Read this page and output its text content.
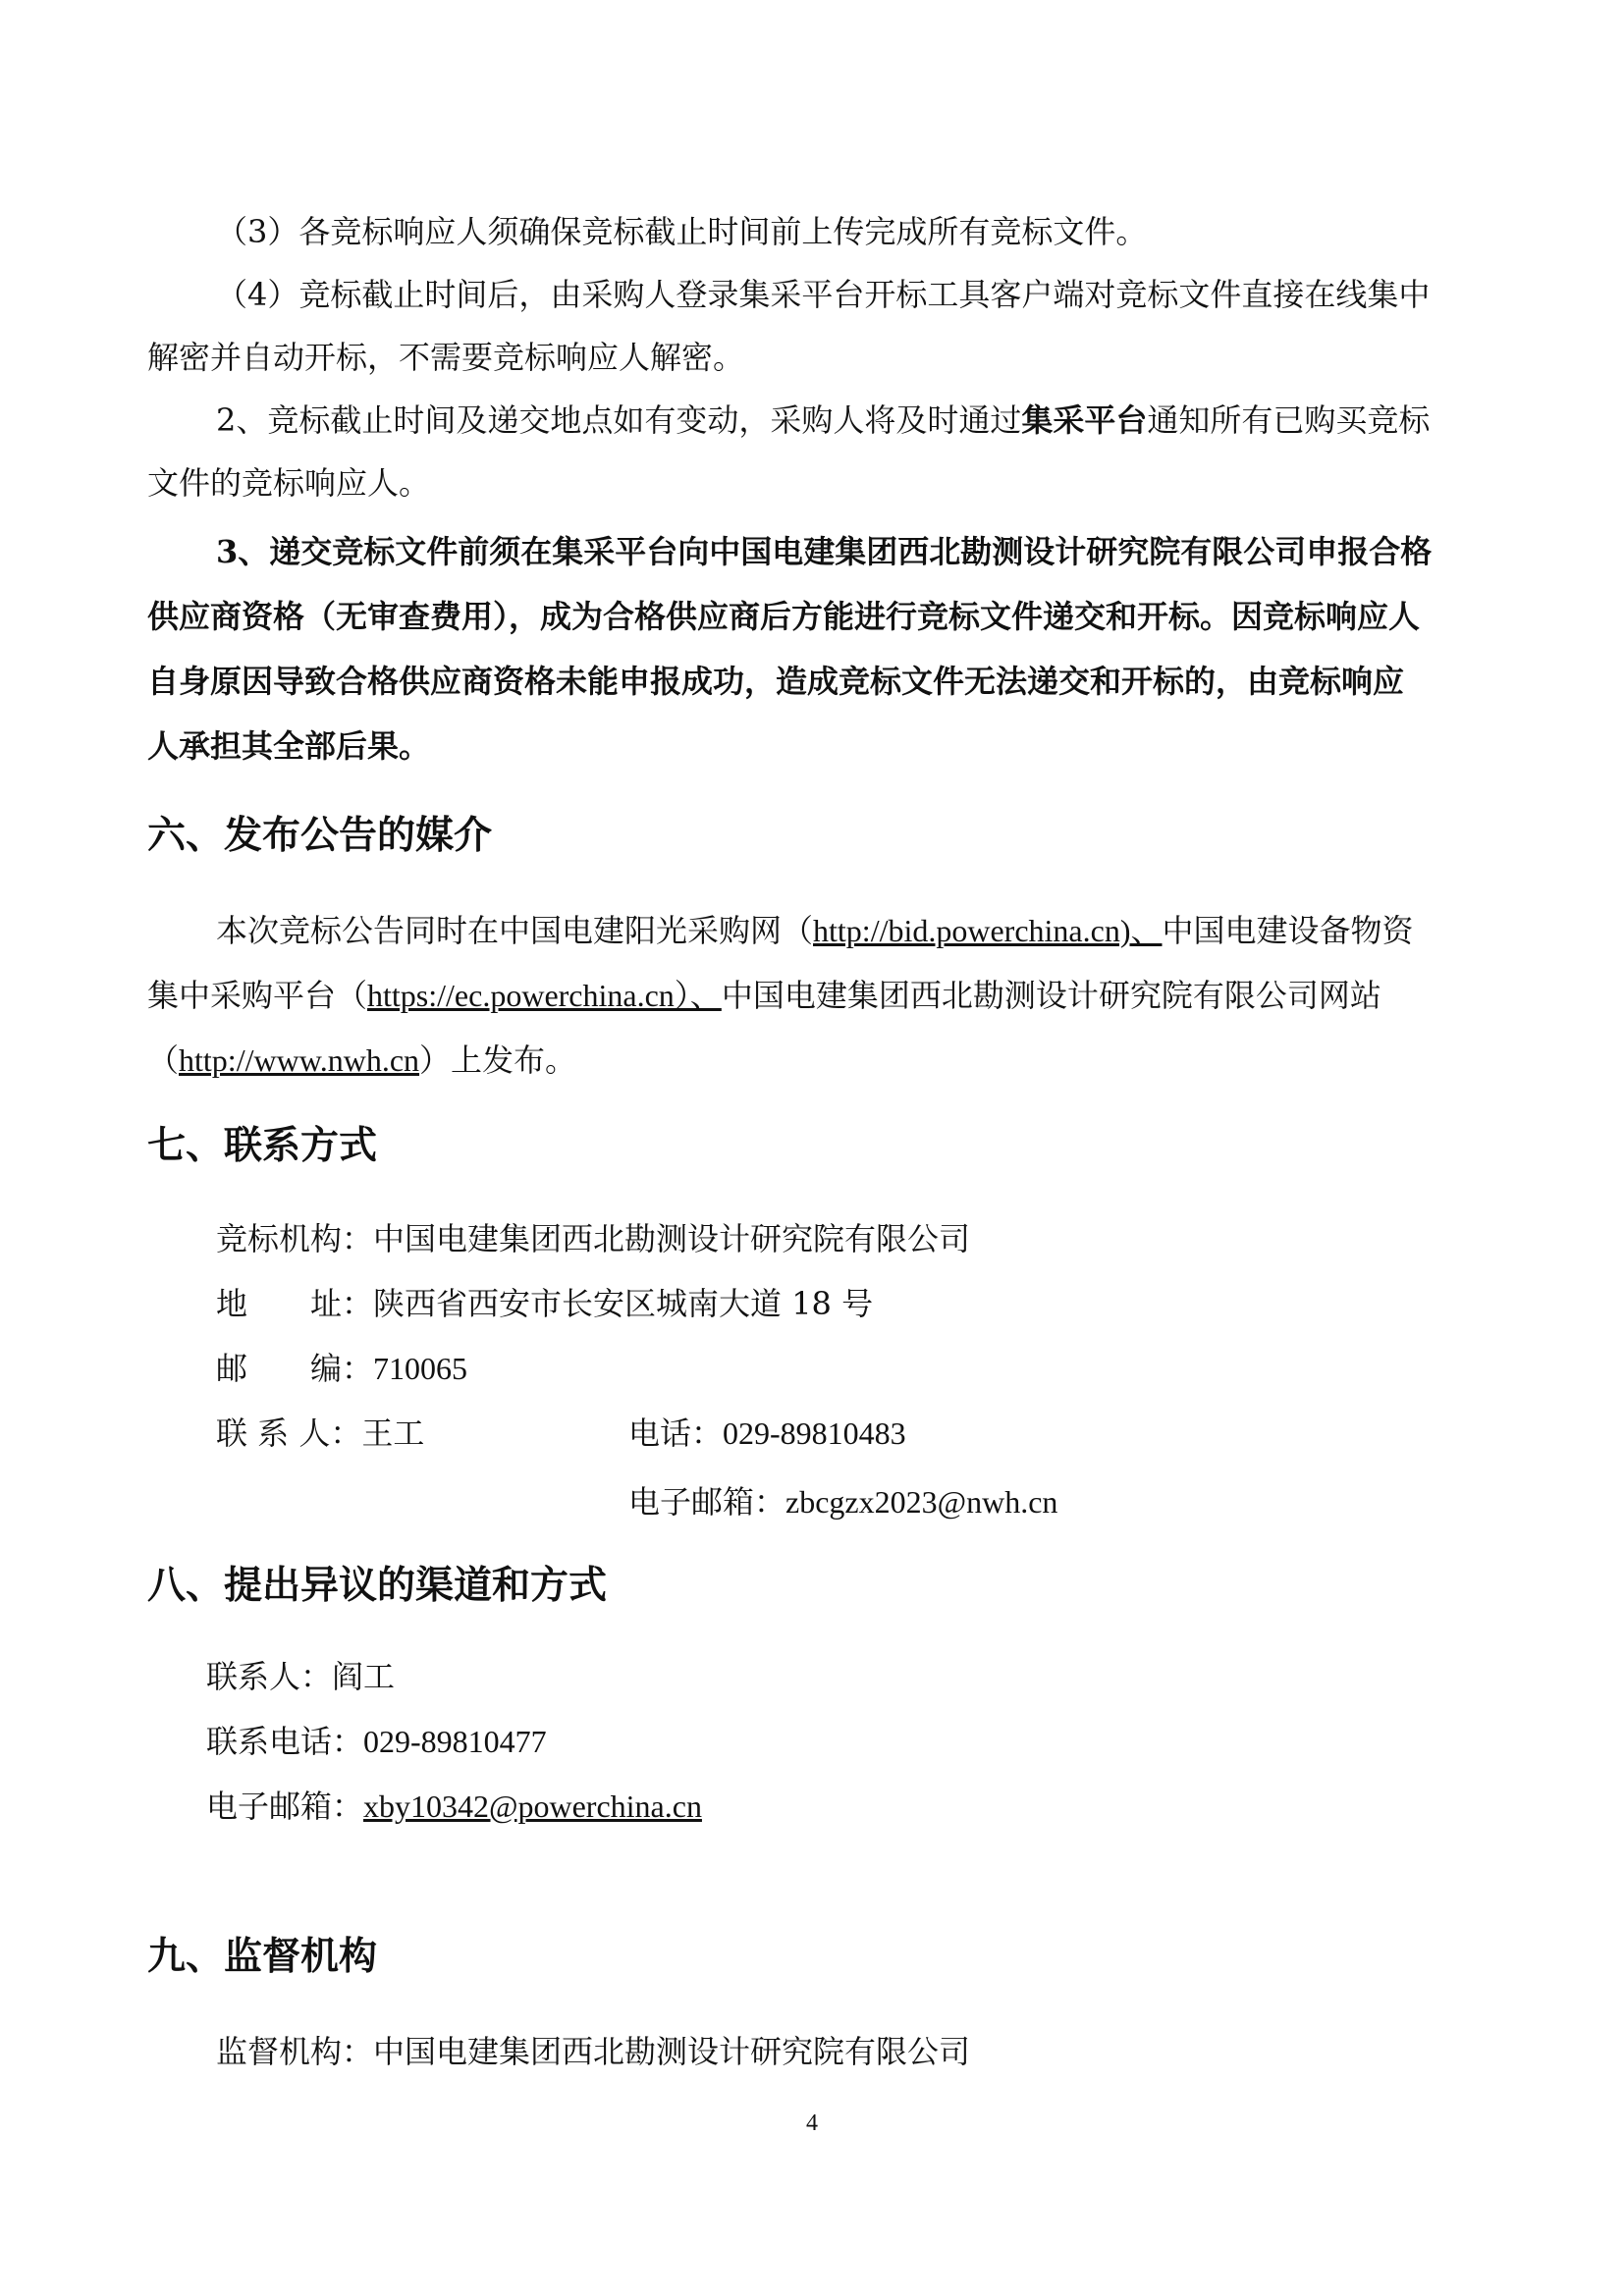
（3）各竞标响应人须确保竞标截止时间前上传完成所有竞标文件。
（4）竞标截止时间后，由采购人登录集采平台开标工具客户端对竞标文件直接在线集中
解密并自动开标，不需要竞标响应人解密。
2、竞标截止时间及递交地点如有变动，采购人将及时通过集采平台通知所有已购买竞标
文件的竞标响应人。
3、递交竞标文件前须在集采平台向中国电建集团西北勘测设计研究院有限公司申报合格
供应商资格（无审查费用），成为合格供应商后方能进行竞标文件递交和开标。因竞标响应人
自身原因导致合格供应商资格未能申报成功，造成竞标文件无法递交和开标的，由竞标响应
人承担其全部后果。
六、发布公告的媒介
本次竞标公告同时在中国电建阳光采购网（http://bid.powerchina.cn)、中国电建设备物资
集中采购平台（https://ec.powerchina.cn）、中国电建集团西北勘测设计研究院有限公司网站
（http://www.nwh.cn）上发布。
七、联系方式
竞标机构：中国电建集团西北勘测设计研究院有限公司
地 址：陕西省西安市长安区城南大道 18 号
邮 编：710065
联 系 人：王工	电话：029-89810483
电子邮箱：zbcgzx2023@nwh.cn
八、提出异议的渠道和方式
联系人：阎工
联系电话：029-89810477
电子邮箱：xby10342@powerchina.cn
九、监督机构
监督机构：中国电建集团西北勘测设计研究院有限公司
4
